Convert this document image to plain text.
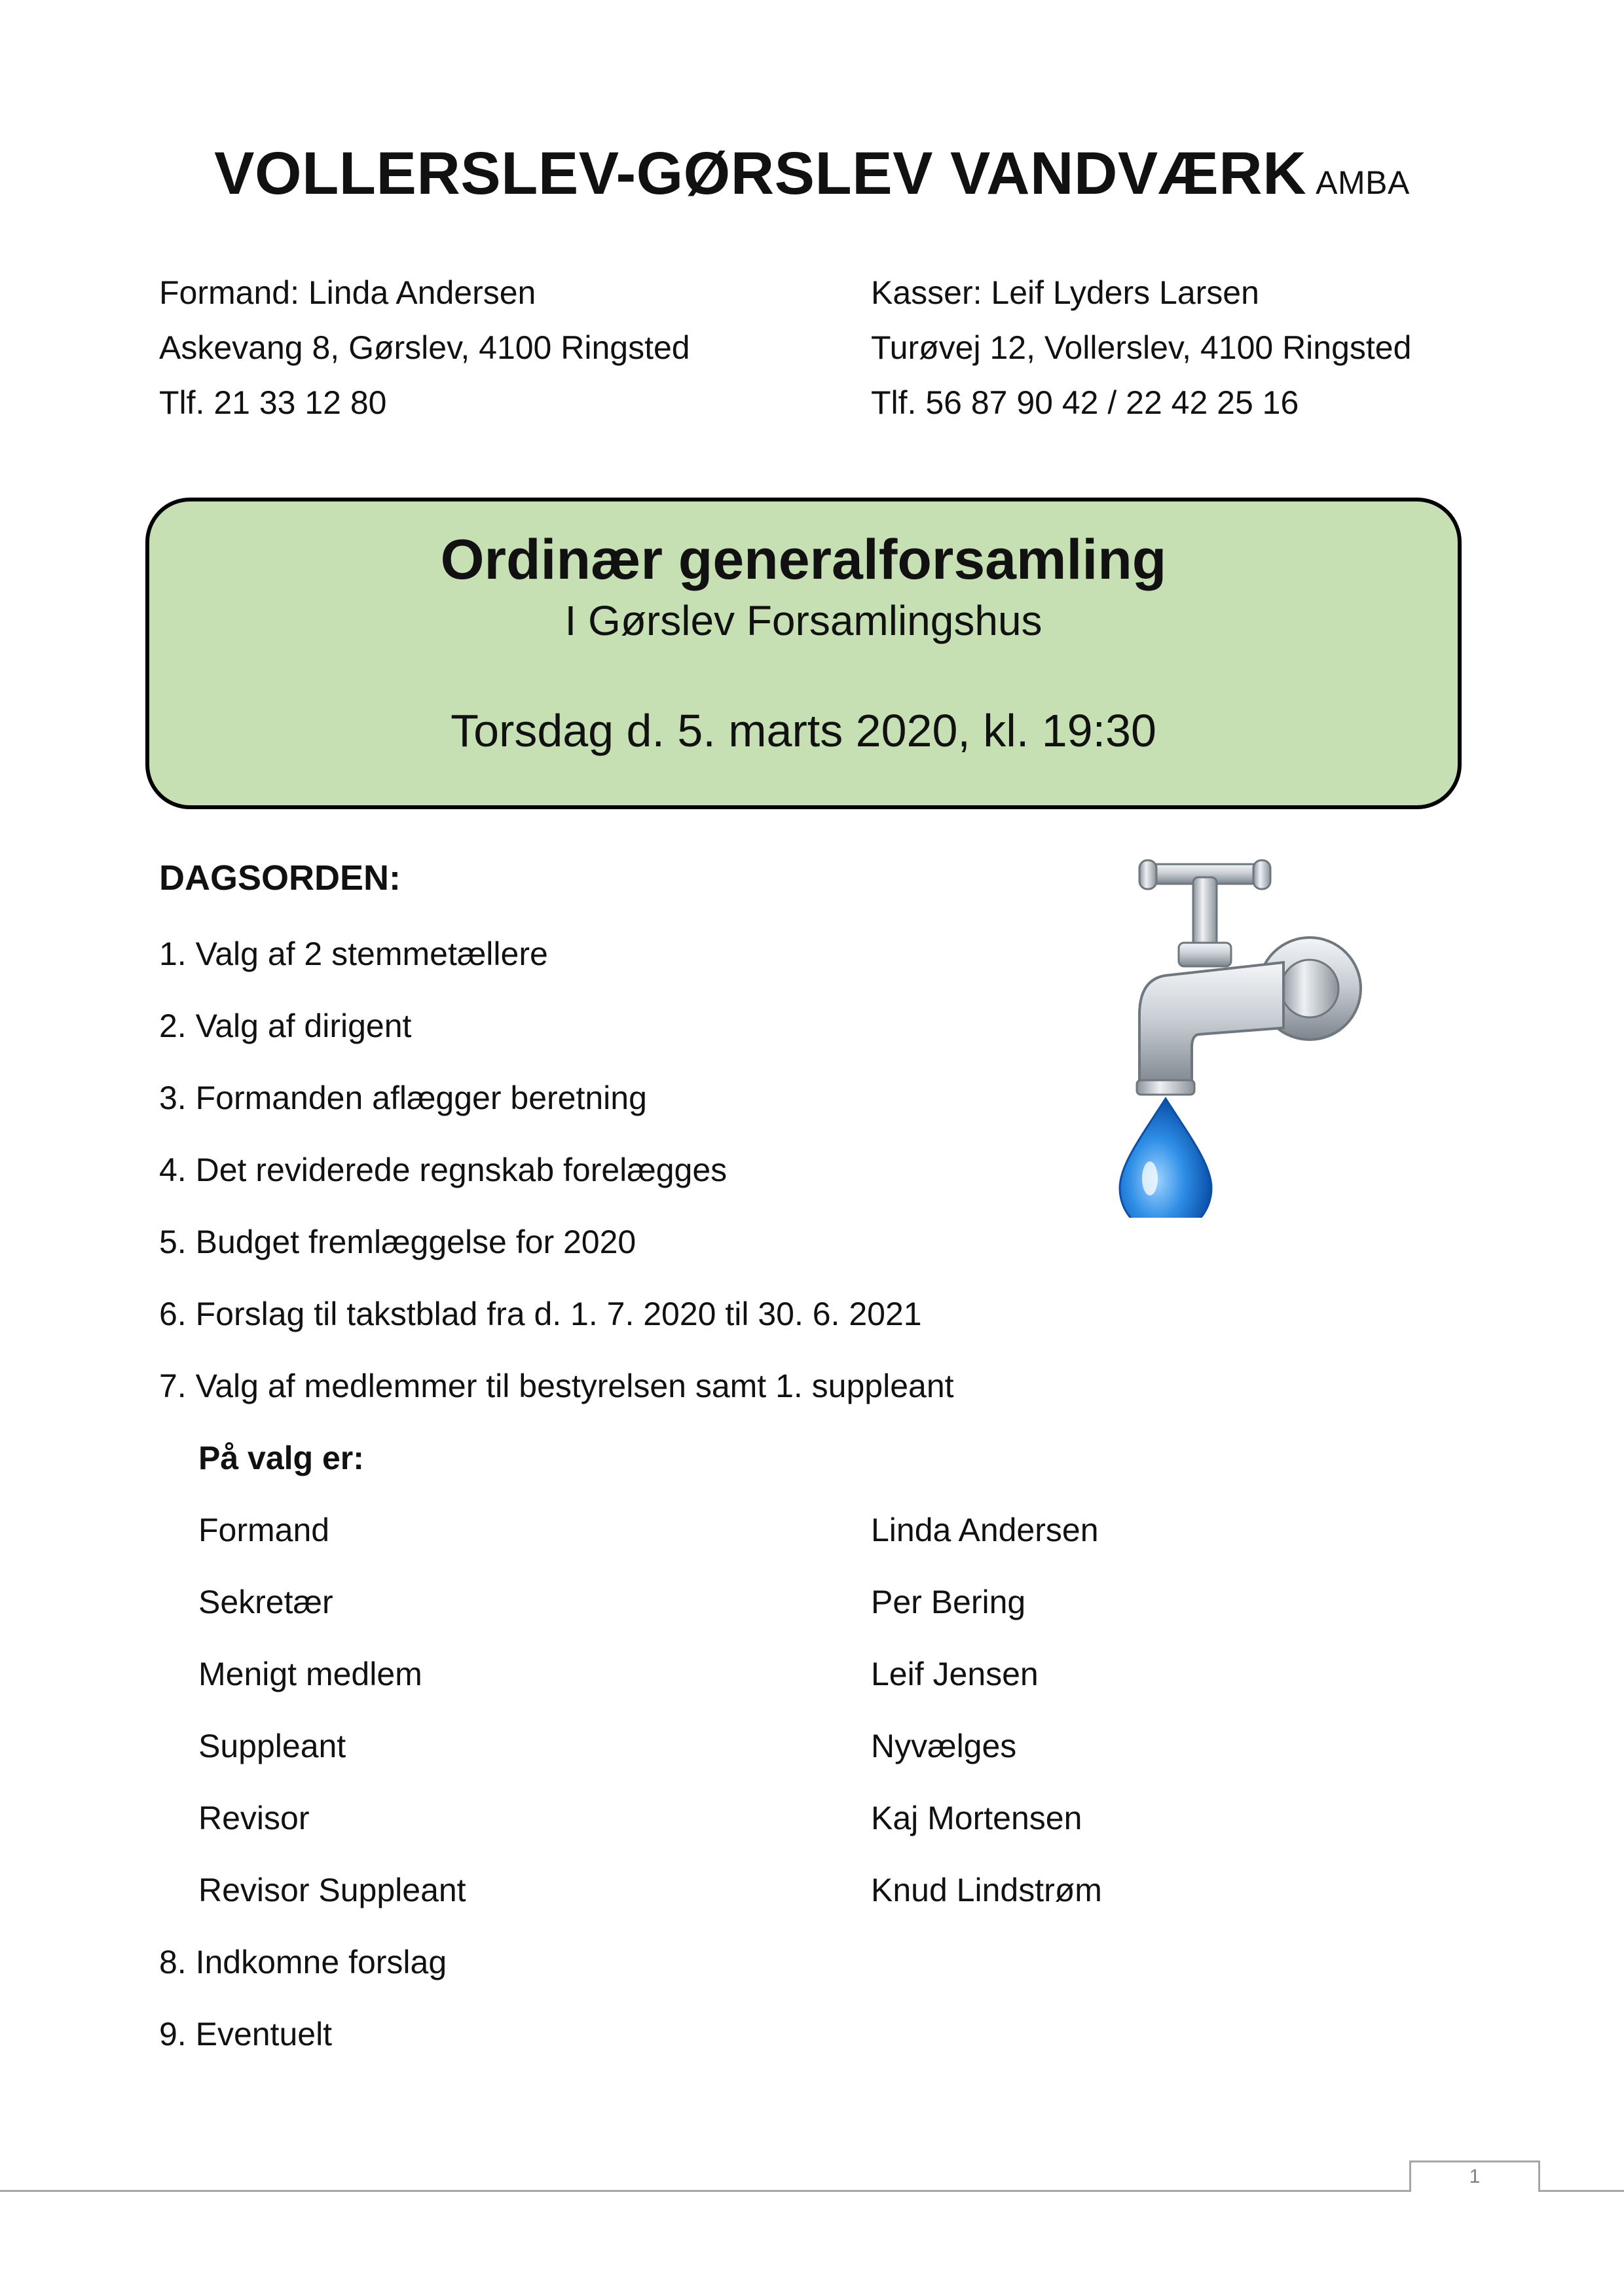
VOLLERSLEV-GØRSLEV VANDVÆRK AMBA
Formand: Linda Andersen
Askevang 8, Gørslev, 4100 Ringsted
Tlf. 21 33 12 80
Kasser: Leif Lyders Larsen
Turøvej 12, Vollerslev, 4100 Ringsted
Tlf. 56 87 90 42 / 22 42 25 16
Ordinær generalforsamling
I Gørslev Forsamlingshus
Torsdag d. 5. marts 2020, kl. 19:30
DAGSORDEN:
1. Valg af 2 stemmetællere
2. Valg af dirigent
3. Formanden aflægger beretning
4. Det reviderede regnskab forelægges
5. Budget fremlæggelse for 2020
6. Forslag til takstblad fra d. 1. 7. 2020 til 30. 6. 2021
7. Valg af medlemmer til bestyrelsen samt 1. suppleant
På valg er:
Formand	Linda Andersen
Sekretær	Per Bering
Menigt medlem	Leif Jensen
Suppleant	Nyvælges
Revisor	Kaj Mortensen
Revisor Suppleant	Knud Lindstrøm
8. Indkomne forslag
9. Eventuelt
1
